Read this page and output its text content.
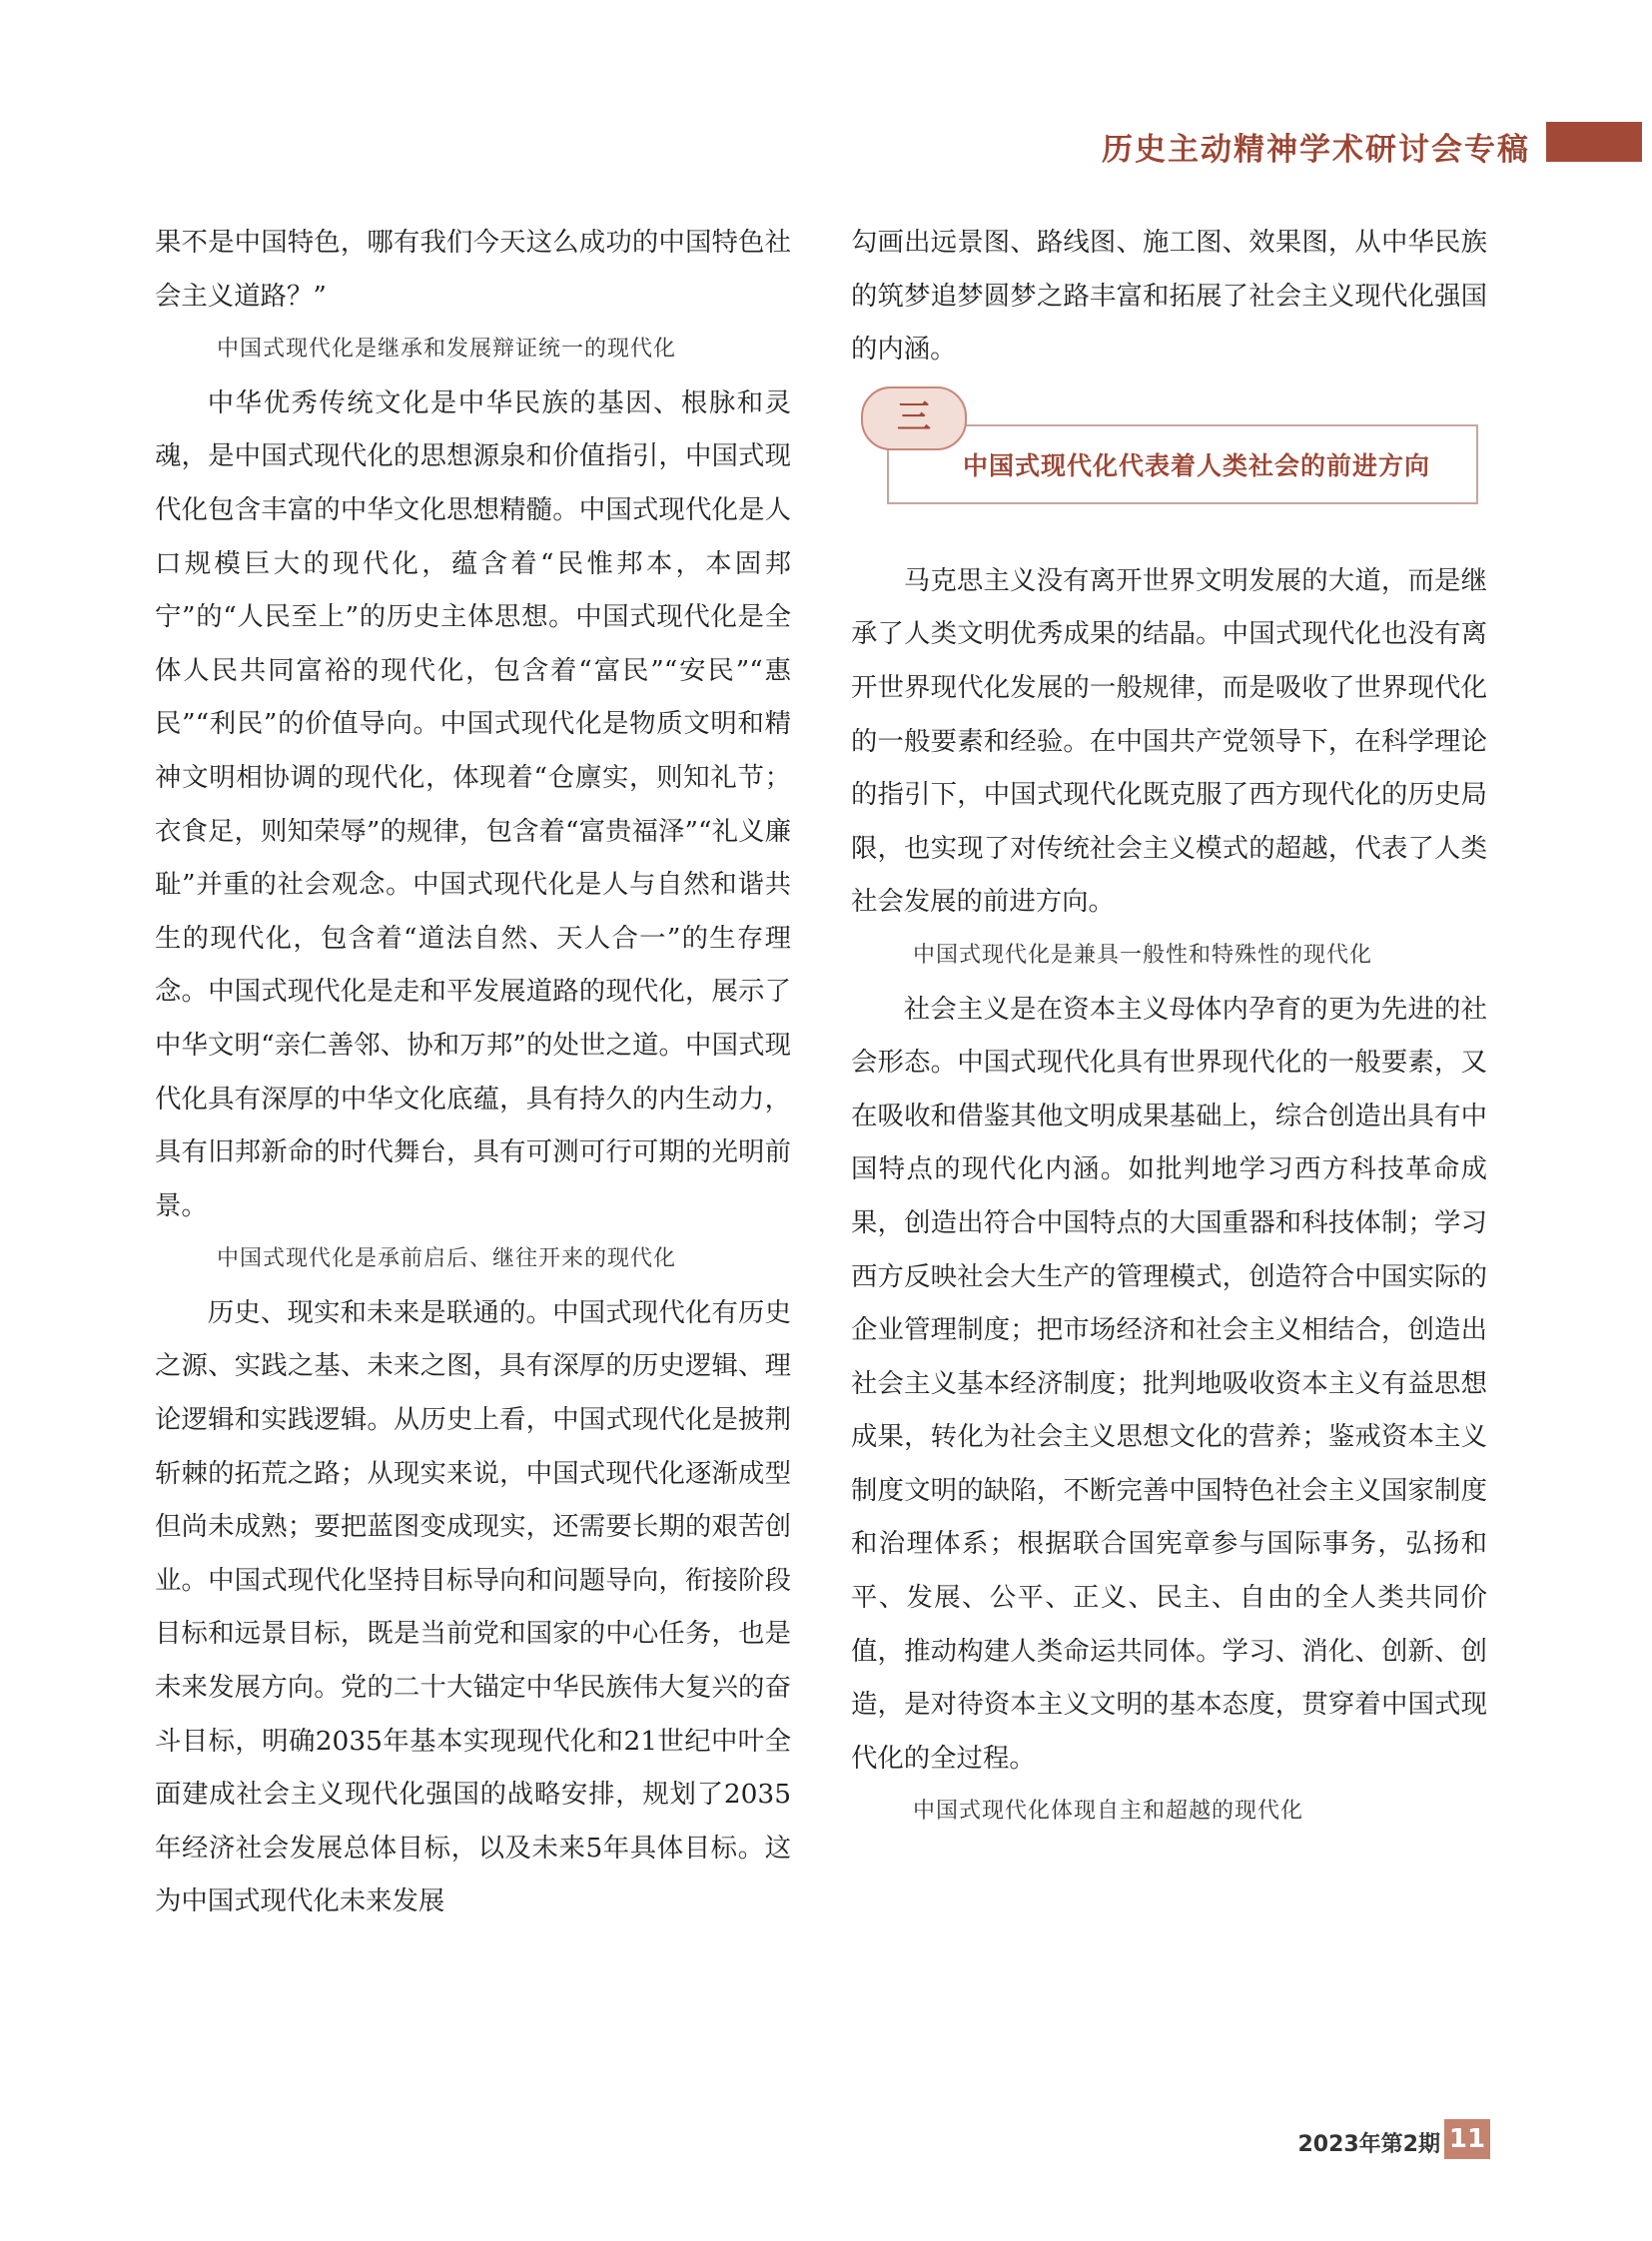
历史主动精神学术研讨会专稿

果不是中国特色，哪有我们今天这么成功的中国特色社会主义道路？”

中国式现代化是继承和发展辩证统一的现代化

中华优秀传统文化是中华民族的基因、根脉和灵魂，是中国式现代化的思想源泉和价值指引，中国式现代化包含丰富的中华文化思想精髓。中国式现代化是人口规模巨大的现代化，蕴含着“民惟邦本，本固邦宁”的“人民至上”的历史主体思想。中国式现代化是全体人民共同富裕的现代化，包含着“富民”“安民”“惠民”“利民”的价值导向。中国式现代化是物质文明和精神文明相协调的现代化，体现着“仓廪实，则知礼节；衣食足，则知荣辱”的规律，包含着“富贵福泽”“礼义廉耻”并重的社会观念。中国式现代化是人与自然和谐共生的现代化，包含着“道法自然、天人合一”的生存理念。中国式现代化是走和平发展道路的现代化，展示了中华文明“亲仁善邻、协和万邦”的处世之道。中国式现代化具有深厚的中华文化底蕴，具有持久的内生动力，具有旧邦新命的时代舞台，具有可测可行可期的光明前景。

中国式现代化是承前启后、继往开来的现代化

历史、现实和未来是联通的。中国式现代化有历史之源、实践之基、未来之图，具有深厚的历史逻辑、理论逻辑和实践逻辑。从历史上看，中国式现代化是披荆斩棘的拓荒之路；从现实来说，中国式现代化逐渐成型但尚未成熟；要把蓝图变成现实，还需要长期的艰苦创业。中国式现代化坚持目标导向和问题导向，衔接阶段目标和远景目标，既是当前党和国家的中心任务，也是未来发展方向。党的二十大锚定中华民族伟大复兴的奋斗目标，明确2035年基本实现现代化和21世纪中叶全面建成社会主义现代化强国的战略安排，规划了2035年经济社会发展总体目标，以及未来5年具体目标。这为中国式现代化未来发展

勾画出远景图、路线图、施工图、效果图，从中华民族的筑梦追梦圆梦之路丰富和拓展了社会主义现代化强国的内涵。

中国式现代化代表着人类社会的前进方向
三

马克思主义没有离开世界文明发展的大道，而是继承了人类文明优秀成果的结晶。中国式现代化也没有离开世界现代化发展的一般规律，而是吸收了世界现代化的一般要素和经验。在中国共产党领导下，在科学理论的指引下，中国式现代化既克服了西方现代化的历史局限，也实现了对传统社会主义模式的超越，代表了人类社会发展的前进方向。

中国式现代化是兼具一般性和特殊性的现代化

社会主义是在资本主义母体内孕育的更为先进的社会形态。中国式现代化具有世界现代化的一般要素，又在吸收和借鉴其他文明成果基础上，综合创造出具有中国特点的现代化内涵。如批判地学习西方科技革命成果，创造出符合中国特点的大国重器和科技体制；学习西方反映社会大生产的管理模式，创造符合中国实际的企业管理制度；把市场经济和社会主义相结合，创造出社会主义基本经济制度；批判地吸收资本主义有益思想成果，转化为社会主义思想文化的营养；鉴戒资本主义制度文明的缺陷，不断完善中国特色社会主义国家制度和治理体系；根据联合国宪章参与国际事务，弘扬和平、发展、公平、正义、民主、自由的全人类共同价值，推动构建人类命运共同体。学习、消化、创新、创造，是对待资本主义文明的基本态度，贯穿着中国式现代化的全过程。

中国式现代化体现自主和超越的现代化

2023年第2期 11
